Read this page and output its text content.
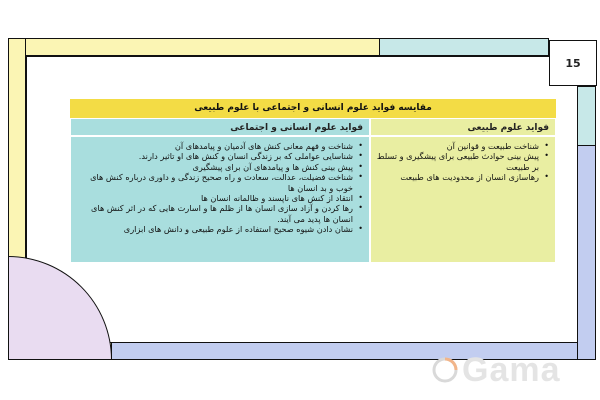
15
مقایسه فواید علوم انسانی و اجتماعی با علوم طبیعی
فواید علوم طبیعی
فواید علوم انسانی و اجتماعی
• شناخت طبیعت و قوانین آن
• پیش بینی حوادث طبیعی برای پیشگیری و تسلط بر طبیعت
• رهاسازی انسان از محدودیت های طبیعت
• شناخت و فهم معانی کنش های آدمیان و پیامدهای آن
• شناسایی عواملی که بر زندگی انسان و کنش های او تاثیر دارند.
• پیش بینی کنش ها و پیامدهای آن برای پیشگیری
• شناخت فضیلت، عدالت، سعادت و راه صحیح زندگی و داوری درباره کنش های خوب و بد انسان ها
• انتقاد از کنش های ناپسند و ظالمانه انسان ها
• رها کردن و آزاد سازی انسان ها از ظلم ها و اسارت هایی که در اثر کنش های انسان ها پدید می آیند.
• نشان دادن شیوه صحیح استفاده از علوم طبیعی و دانش های ابزاری
Gama
